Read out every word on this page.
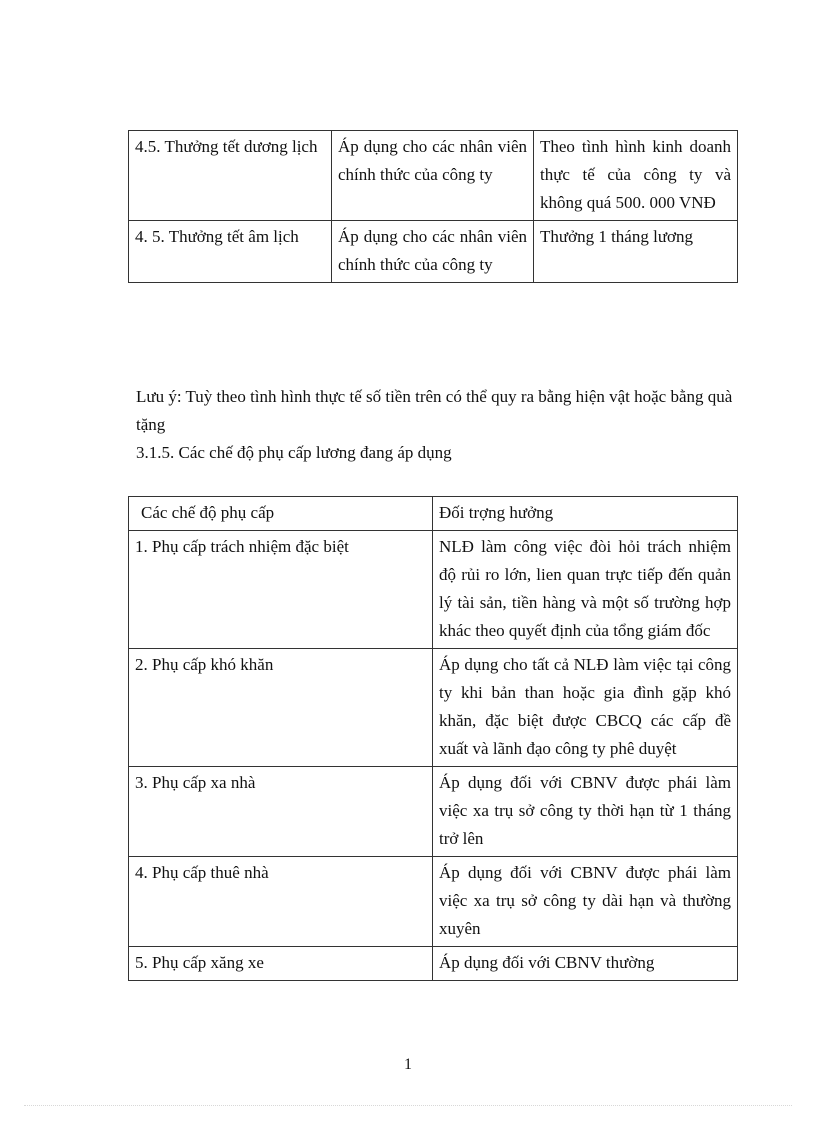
4.5. Thưởng tết dương lịch	Áp dụng cho các nhân viên chính thức của công ty	Theo tình hình kinh doanh thực tế của công ty và không quá 500. 000 VNĐ
4. 5. Thưởng tết âm lịch	Áp dụng cho các nhân viên chính thức của công ty	Thưởng 1 tháng lương
Lưu ý: Tuỳ theo tình hình thực tế số tiền trên có thể quy ra bằng hiện vật hoặc bằng quà tặng
3.1.5. Các chế độ phụ cấp lương đang áp dụng
Các chế độ phụ cấp	Đối trợng hưởng
1. Phụ cấp trách nhiệm đặc biệt	NLĐ làm công việc đòi hỏi trách nhiệm độ rủi ro lớn, lien quan trực tiếp đến quản lý tài sản, tiền hàng và một số trường hợp khác theo quyết định của tổng giám đốc
2. Phụ cấp khó khăn	Áp dụng cho tất cả NLĐ làm việc tại công ty khi bản than hoặc gia đình gặp khó khăn, đặc biệt được CBCQ các cấp đề xuất và lãnh đạo công ty phê duyệt
3. Phụ cấp xa nhà	Áp dụng đối với CBNV được phái làm việc xa trụ sở công ty thời hạn từ 1 tháng trở lên
4. Phụ cấp thuê nhà	Áp dụng đối với CBNV được phái làm việc xa trụ sở công ty dài hạn và thường xuyên
5. Phụ cấp xăng xe	Áp dụng đối với CBNV thường
1
